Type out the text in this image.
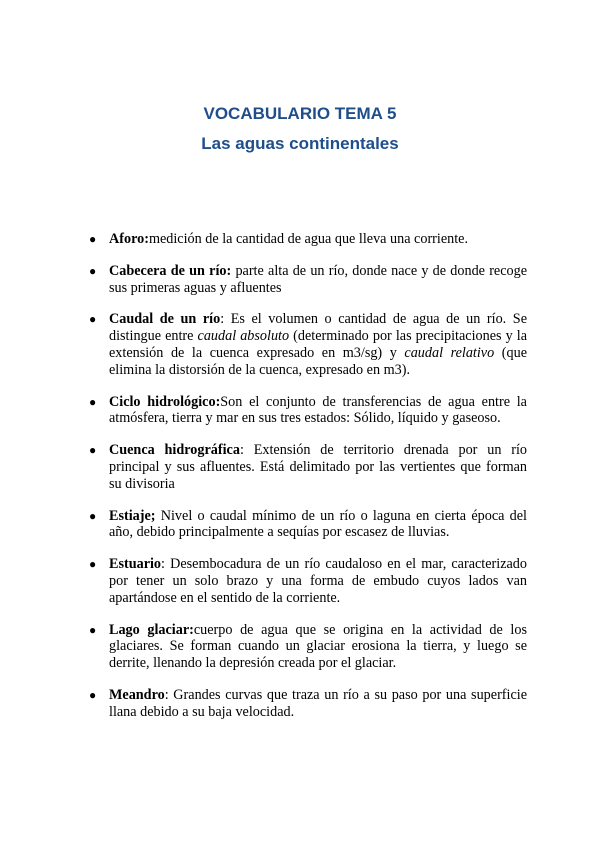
VOCABULARIO TEMA 5
Las aguas continentales
● Aforo:medición de la cantidad de agua que lleva una corriente.
● Cabecera de un río: parte alta de un río, donde nace y de donde recoge sus primeras aguas y afluentes
● Caudal de un río: Es el volumen o cantidad de agua de un río. Se distingue entre caudal absoluto (determinado por las precipitaciones y la extensión de la cuenca expresado en m3/sg) y caudal relativo (que elimina la distorsión de la cuenca, expresado en m3).
● Ciclo hidrológico:Son el conjunto de transferencias de agua entre la atmósfera, tierra y mar en sus tres estados: Sólido, líquido y gaseoso.
● Cuenca hidrográfica: Extensión de territorio drenada por un río principal y sus afluentes. Está delimitado por las vertientes que forman su divisoria
● Estiaje; Nivel o caudal mínimo de un río o laguna en cierta época del año, debido principalmente a sequías por escasez de lluvias.
● Estuario: Desembocadura de un río caudaloso en el mar, caracterizado por tener un solo brazo y una forma de embudo cuyos lados van apartándose en el sentido de la corriente.
● Lago glaciar:cuerpo de agua que se origina en la actividad de los glaciares. Se forman cuando un glaciar erosiona la tierra, y luego se derrite, llenando la depresión creada por el glaciar.
● Meandro: Grandes curvas que traza un río a su paso por una superficie llana debido a su baja velocidad.
